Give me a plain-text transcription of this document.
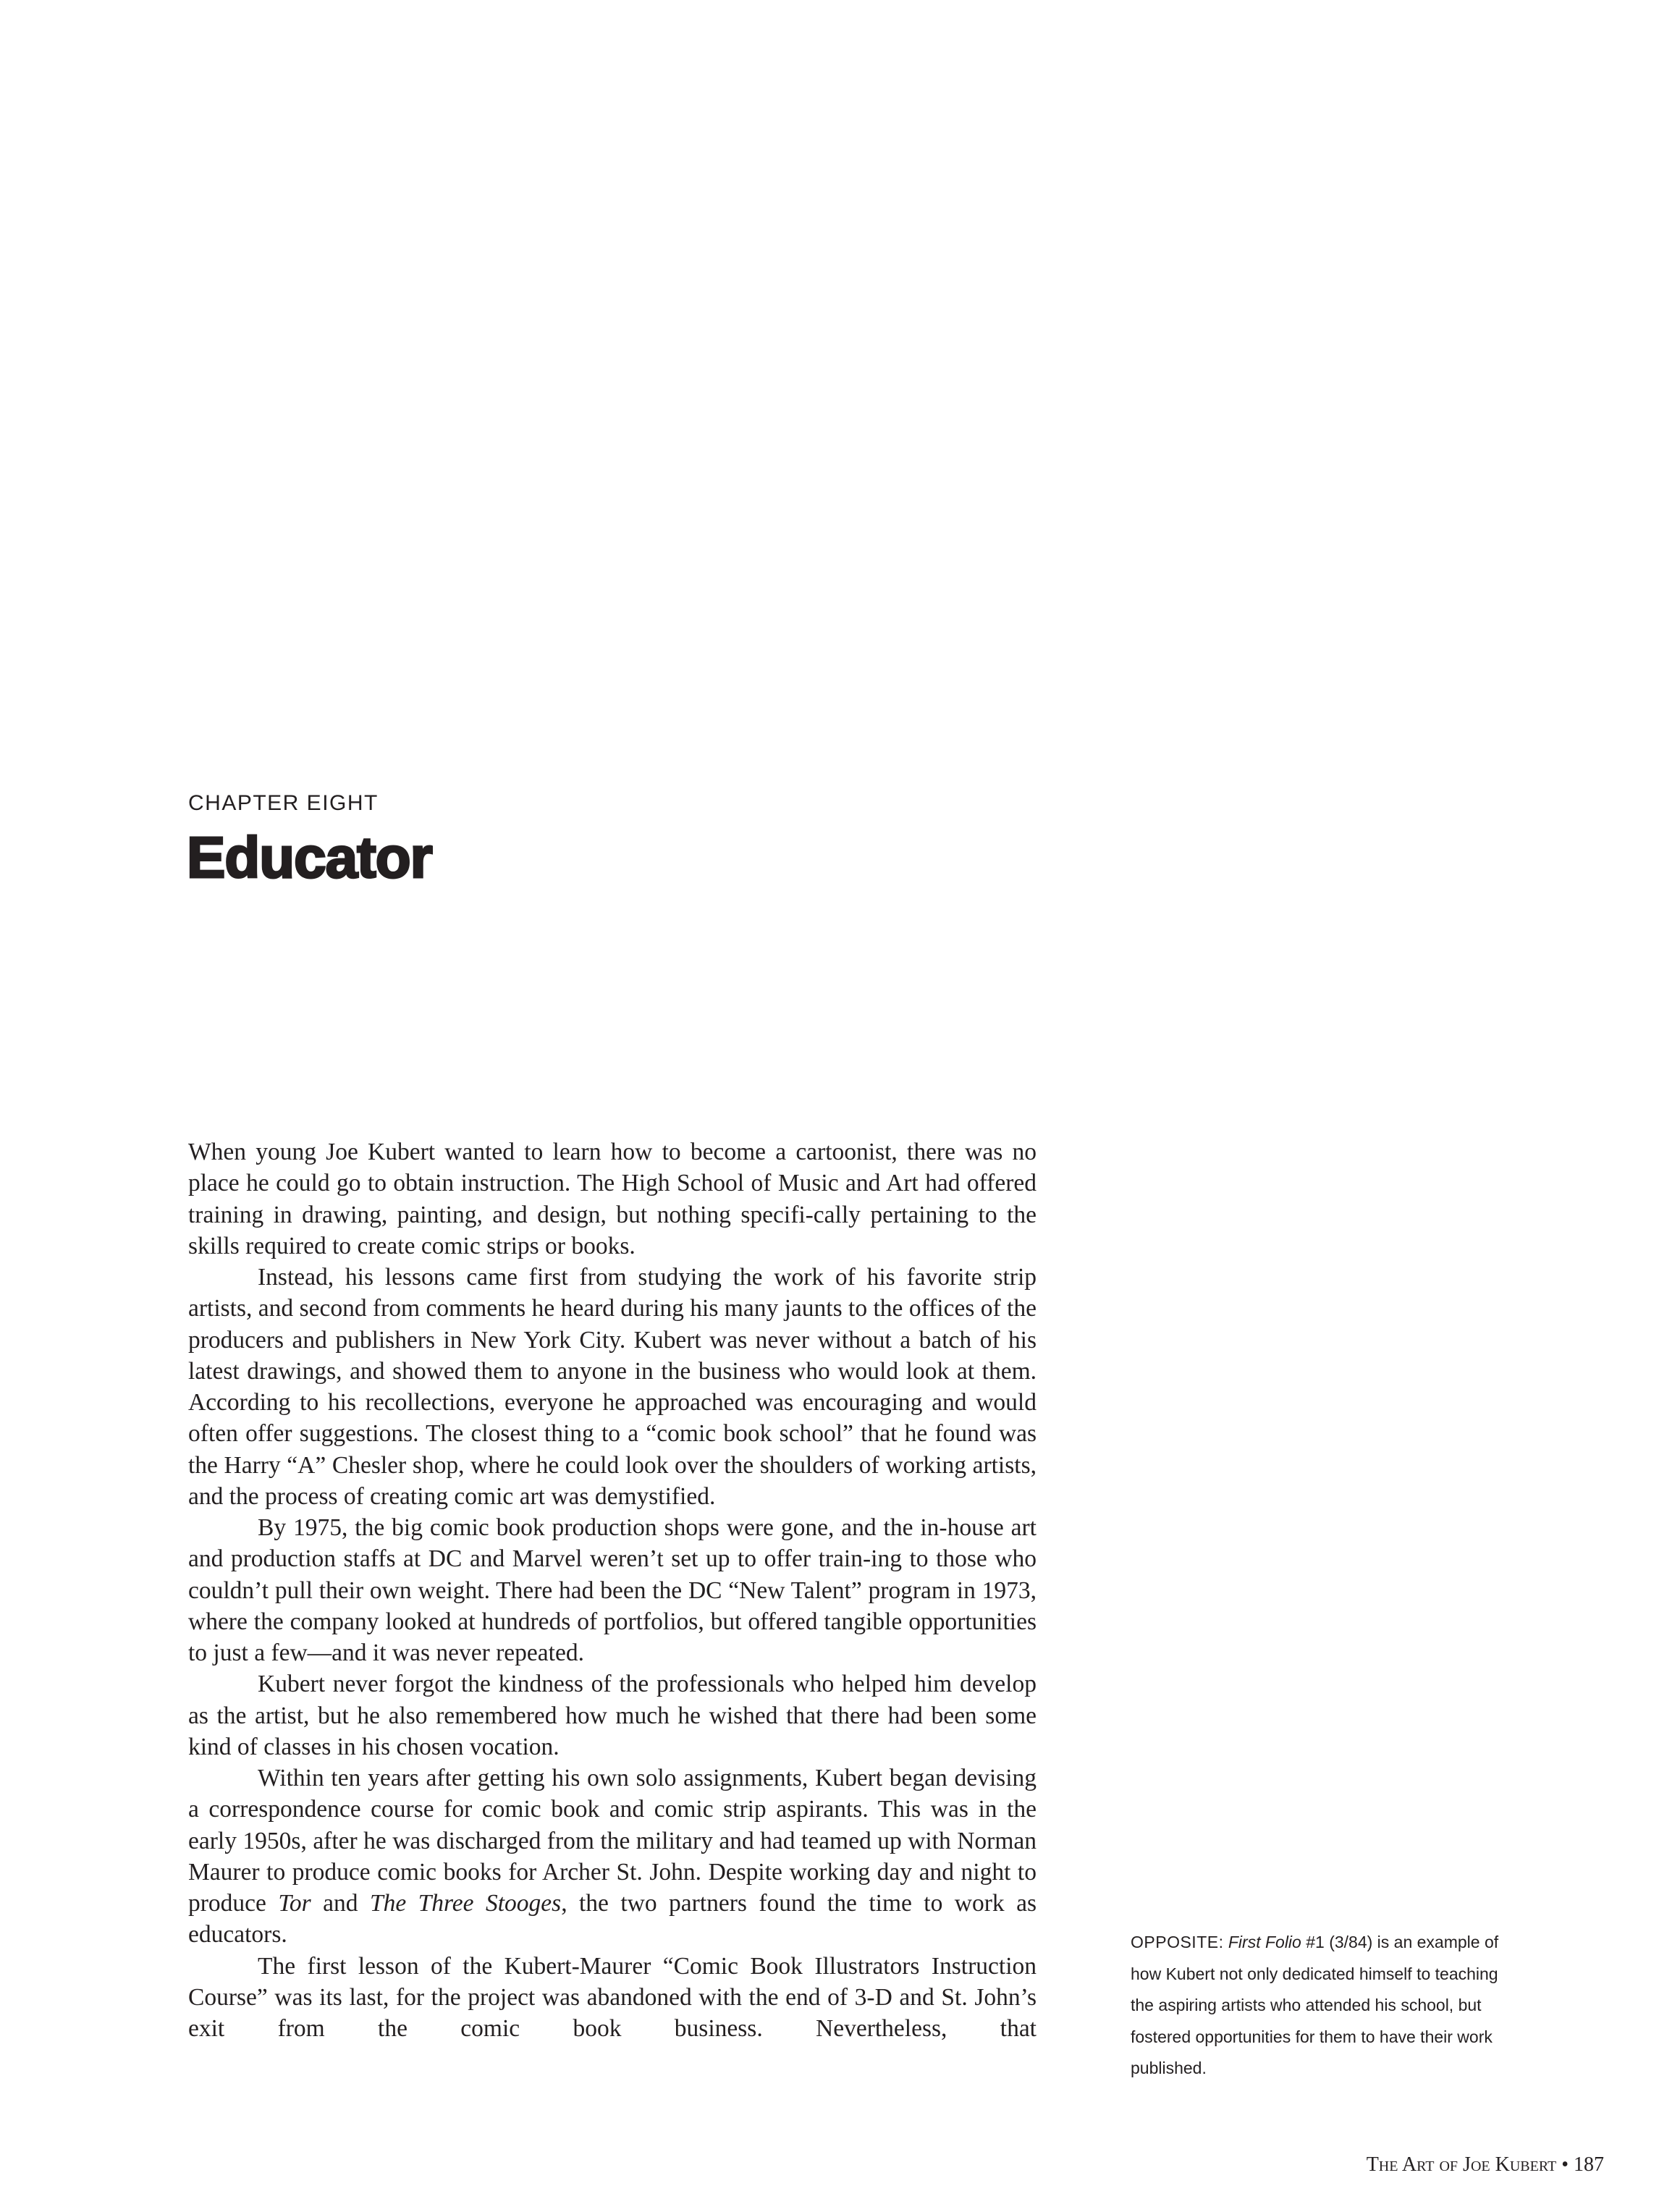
CHAPTER EIGHT
Educator

When young Joe Kubert wanted to learn how to become a cartoonist, there was no place he could go to obtain instruction. The High School of Music and Art had offered training in drawing, painting, and design, but nothing specifi-cally pertaining to the skills required to create comic strips or books.

Instead, his lessons came first from studying the work of his favorite strip artists, and second from comments he heard during his many jaunts to the offices of the producers and publishers in New York City. Kubert was never without a batch of his latest drawings, and showed them to anyone in the business who would look at them. According to his recollections, everyone he approached was encouraging and would often offer suggestions. The closest thing to a “comic book school” that he found was the Harry “A” Chesler shop, where he could look over the shoulders of working artists, and the process of creating comic art was demystified.

By 1975, the big comic book production shops were gone, and the in-house art and production staffs at DC and Marvel weren’t set up to offer train-ing to those who couldn’t pull their own weight. There had been the DC “New Talent” program in 1973, where the company looked at hundreds of portfolios, but offered tangible opportunities to just a few—and it was never repeated.

Kubert never forgot the kindness of the professionals who helped him develop as the artist, but he also remembered how much he wished that there had been some kind of classes in his chosen vocation.

Within ten years after getting his own solo assignments, Kubert began devising a correspondence course for comic book and comic strip aspirants. This was in the early 1950s, after he was discharged from the military and had teamed up with Norman Maurer to produce comic books for Archer St. John. Despite working day and night to produce Tor and The Three Stooges, the two partners found the time to work as educators.

The first lesson of the Kubert-Maurer “Comic Book Illustrators Instruction Course” was its last, for the project was abandoned with the end of 3-D and St. John’s exit from the comic book business. Nevertheless, that

OPPOSITE: First Folio #1 (3/84) is an example of how Kubert not only dedicated himself to teaching the aspiring artists who attended his school, but fostered opportunities for them to have their work published.
The Art of Joe Kubert • 187
